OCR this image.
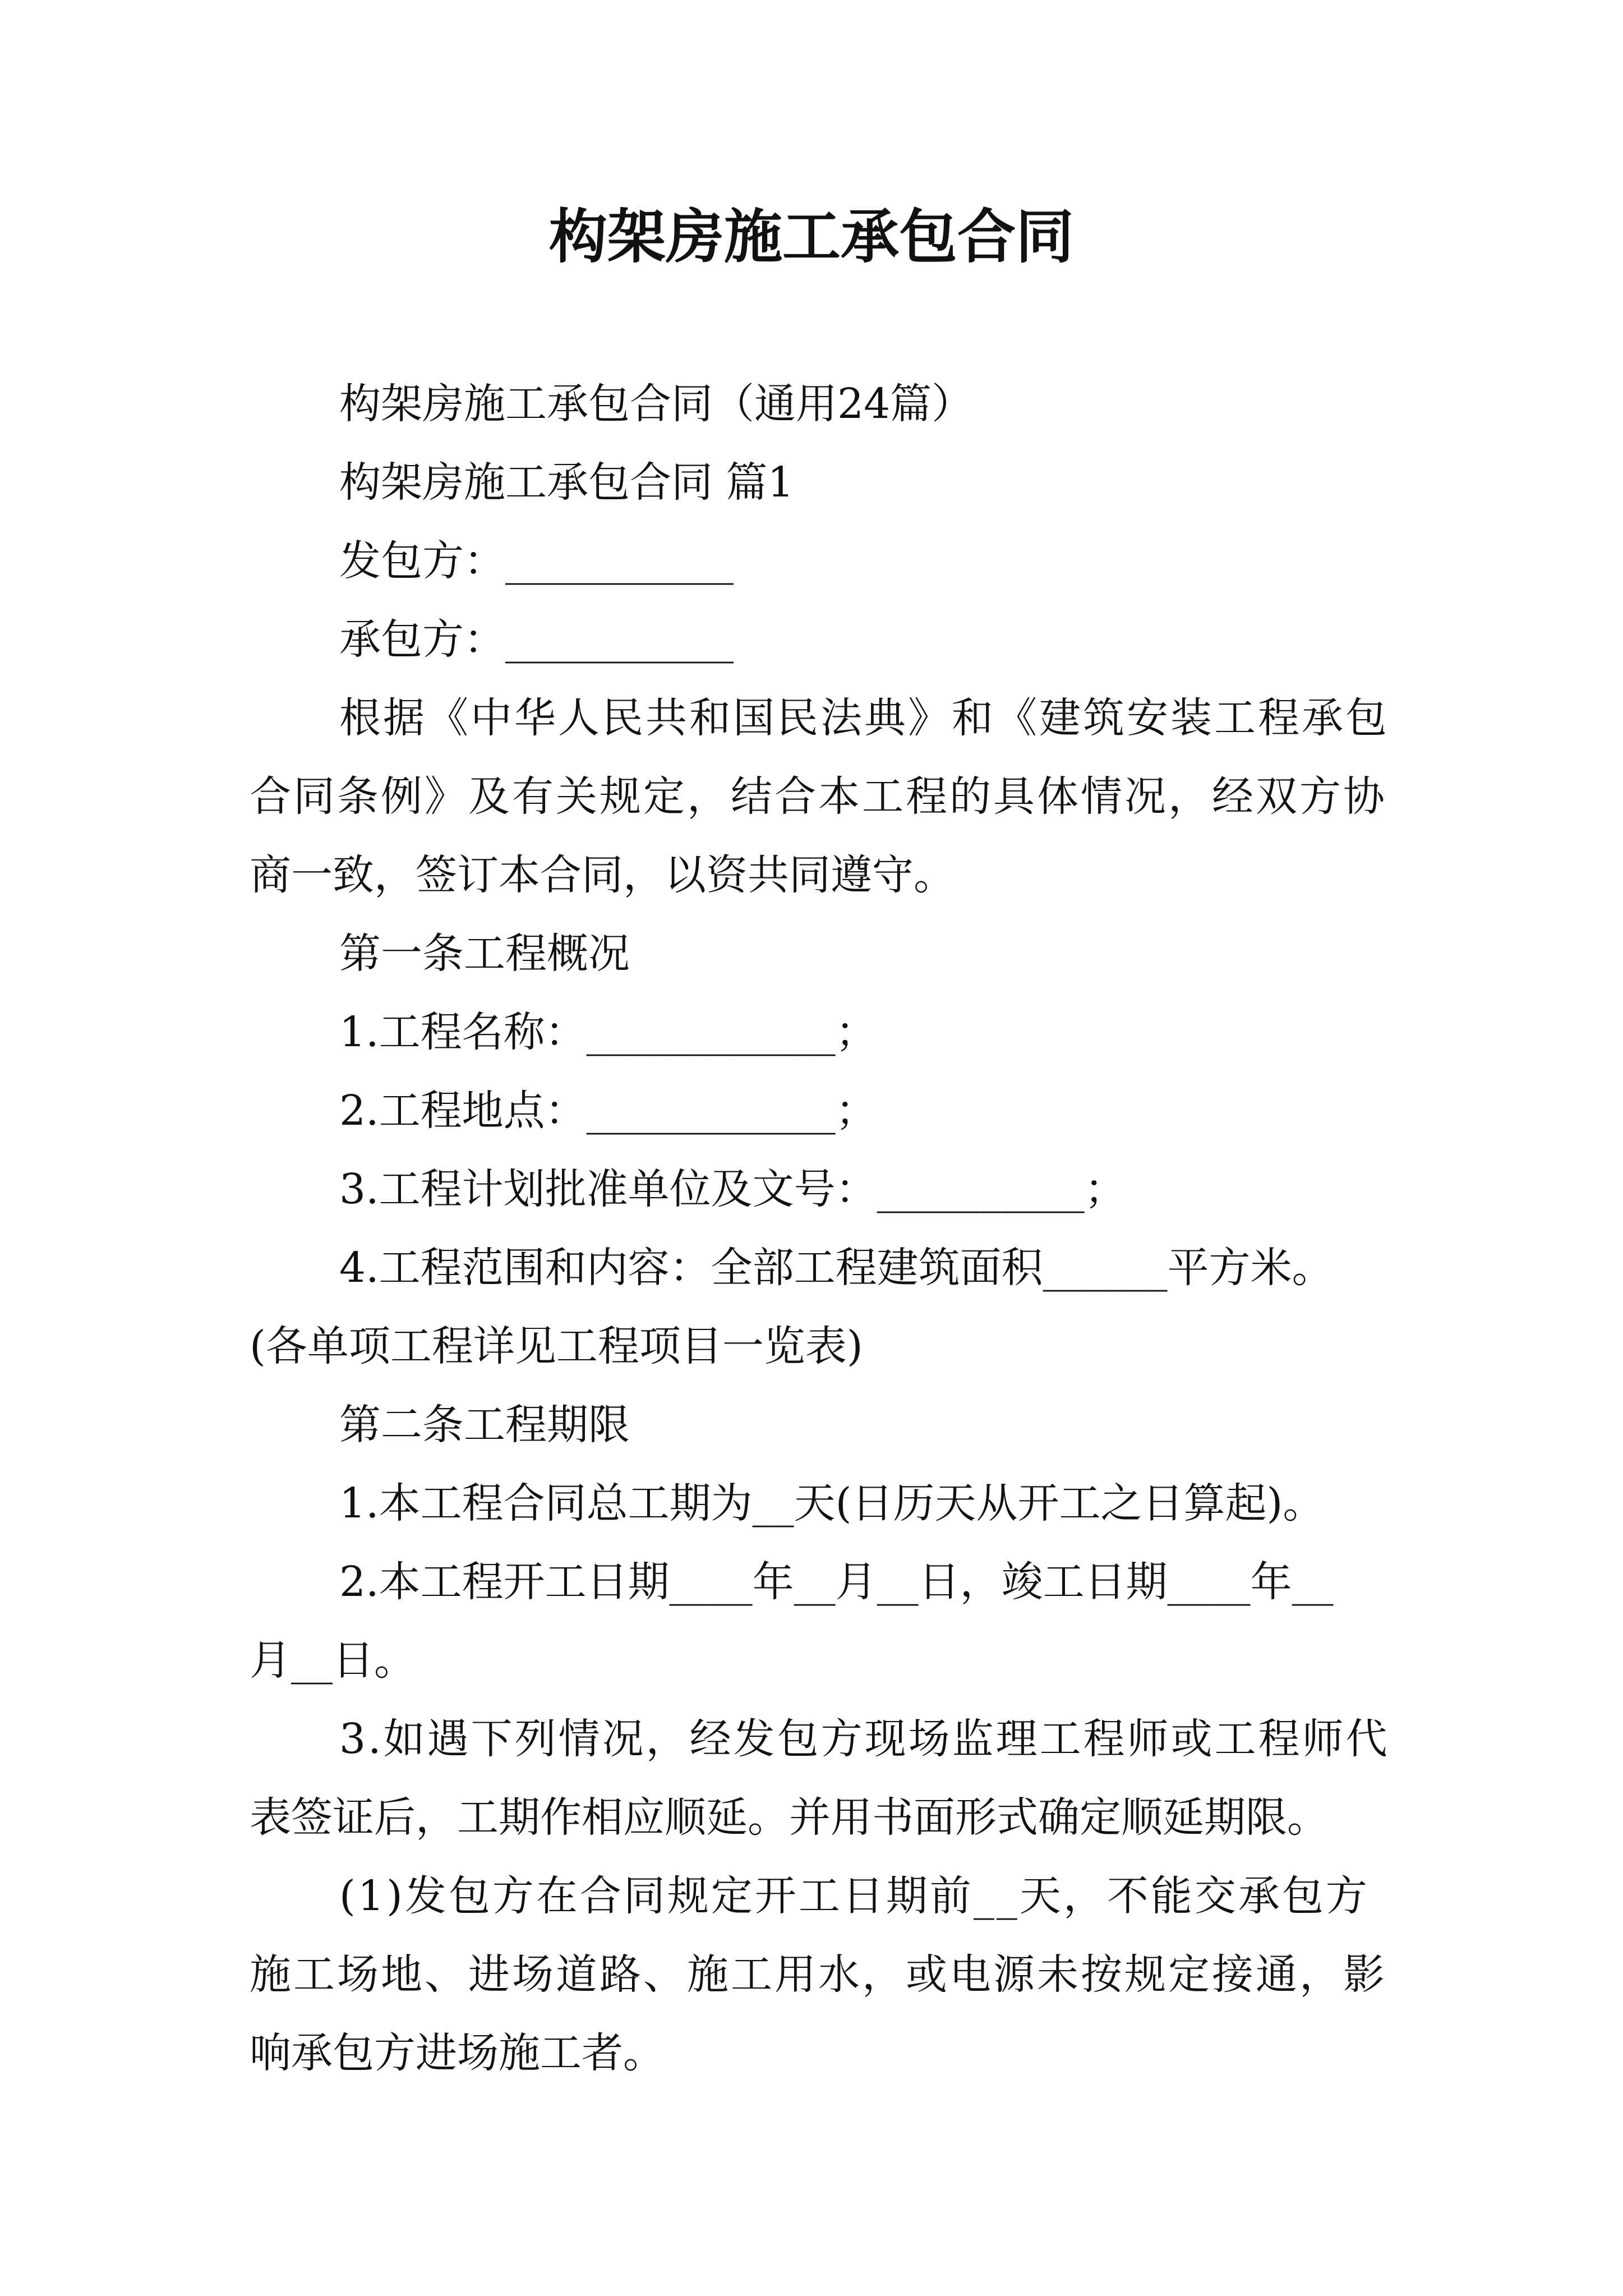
构架房施工承包合同
构架房施工承包合同（通用24篇）
构架房施工承包合同 篇1
发包方：___________
承包方：___________
根据《中华人民共和国民法典》和《建筑安装工程承包
合同条例》及有关规定，结合本工程的具体情况，经双方协
商一致，签订本合同，以资共同遵守。
第一条工程概况
1.工程名称：____________；
2.工程地点：____________；
3.工程计划批准单位及文号：__________；
4.工程范围和内容：全部工程建筑面积______平方米。
(各单项工程详见工程项目一览表)
第二条工程期限
1.本工程合同总工期为__天(日历天从开工之日算起)。
2.本工程开工日期____年__月__日，竣工日期____年__
月__日。
3.如遇下列情况，经发包方现场监理工程师或工程师代
表签证后，工期作相应顺延。并用书面形式确定顺延期限。
(1)发包方在合同规定开工日期前__天，不能交承包方
施工场地、进场道路、施工用水，或电源未按规定接通，影
响承包方进场施工者。
